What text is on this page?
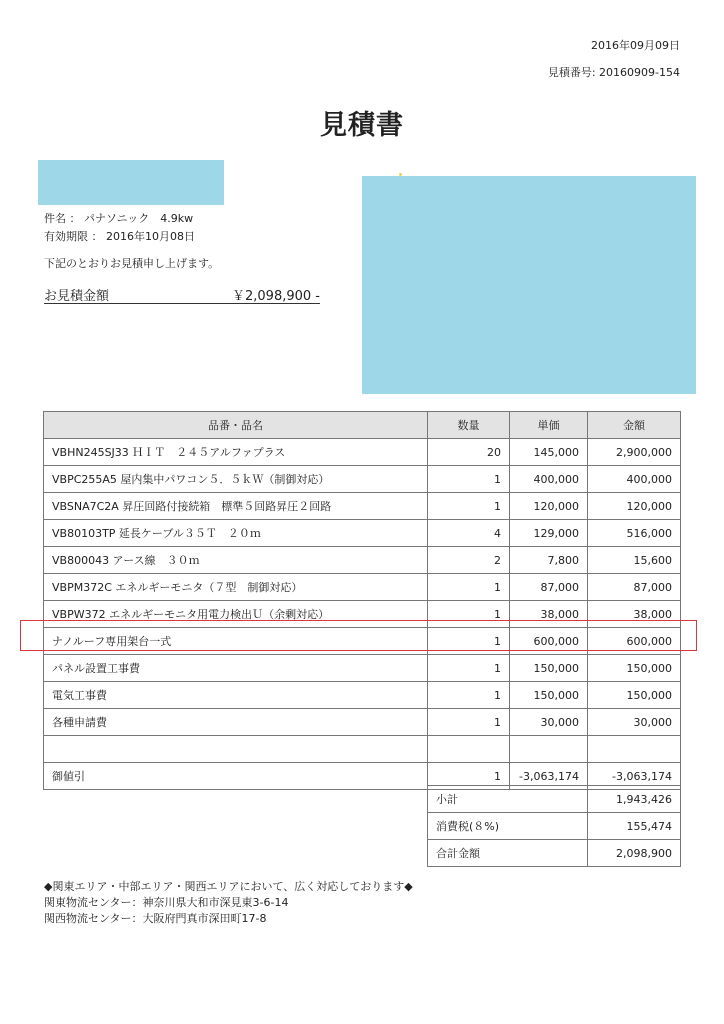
2016年09月09日
見積番号: 20160909-154
見積書
件名 ： パナソニック　4.9kw
有効期限 ： 2016年10月08日
下記のとおりお見積申し上げます。
お見積金額	￥2,098,900 -
品番・品名	数量	単価	金額
VBHN245SJ33 ＨＩＴ　２４５アルファプラス	20	145,000	2,900,000
VBPC255A5 屋内集中パワコン５．５ｋＷ（制御対応）	1	400,000	400,000
VBSNA7C2A 昇圧回路付接続箱　標準５回路昇圧２回路	1	120,000	120,000
VB80103TP 延長ケーブル３５Ｔ　２０ｍ	4	129,000	516,000
VB800043 アース線　３０ｍ	2	7,800	15,600
VBPM372C エネルギーモニタ（７型　制御対応）	1	87,000	87,000
VBPW372 エネルギーモニタ用電力検出Ｕ（余剰対応）	1	38,000	38,000
ナノルーフ専用架台一式	1	600,000	600,000
パネル設置工事費	1	150,000	150,000
電気工事費	1	150,000	150,000
各種申請費	1	30,000	30,000

御値引	1	-3,063,174	-3,063,174
小計	1,943,426
消費税(８%)	155,474
合計金額	2,098,900
◆関東エリア・中部エリア・関西エリアにおいて、広く対応しております◆
関東物流センター：神奈川県大和市深見東3-6-14
関西物流センター：大阪府門真市深田町17-8
